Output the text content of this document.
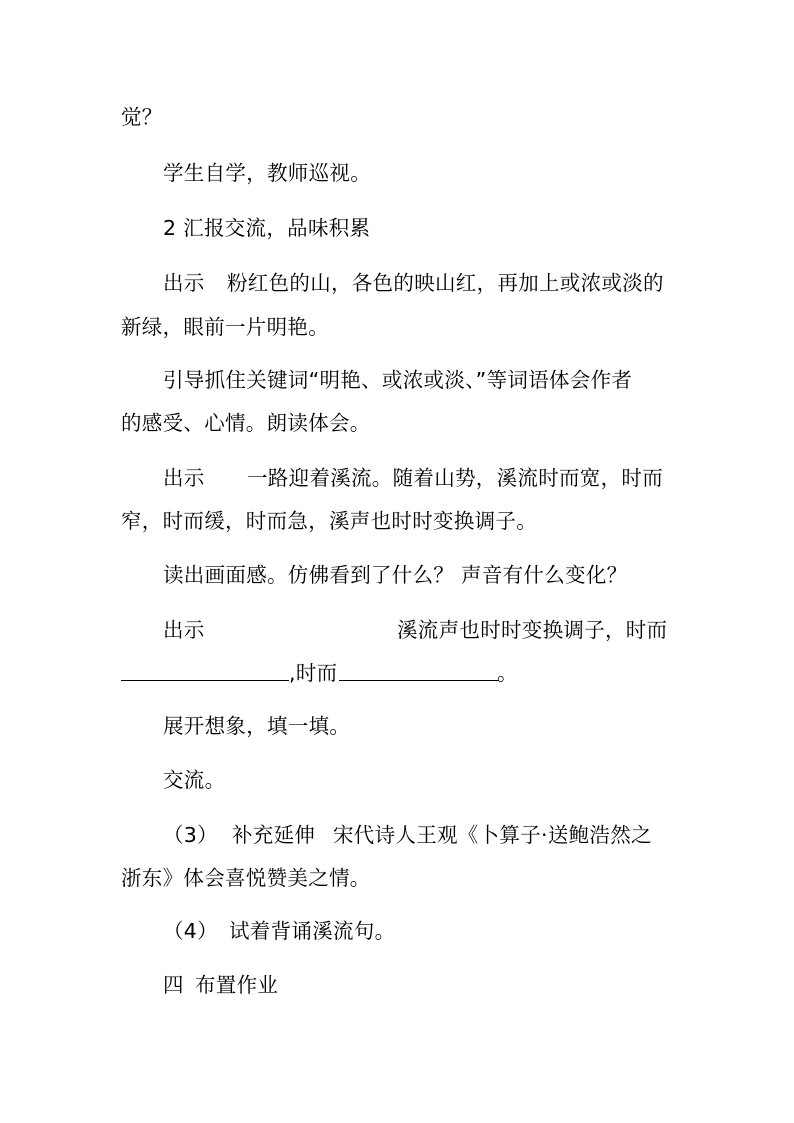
觉？
学生自学，教师巡视。
2 汇报交流，品味积累
出示 粉红色的山，各色的映山红，再加上或浓或淡的
新绿，眼前一片明艳。
引导抓住关键词“明艳、或浓或淡、”等词语体会作者
的感受、心情。朗读体会。
出示 一路迎着溪流。随着山势，溪流时而宽，时而
窄，时而缓，时而急，溪声也时时变换调子。
读出画面感。仿佛看到了什么？ 声音有什么变化？
出示	溪流声也时时变换调子，时而
,时而	。
展开想象，填一填。
交流。
（3） 补充延伸 宋代诗人王观《卜算子·送鲍浩然之
浙东》体会喜悦赞美之情。
（4） 试着背诵溪流句。
四 布置作业
